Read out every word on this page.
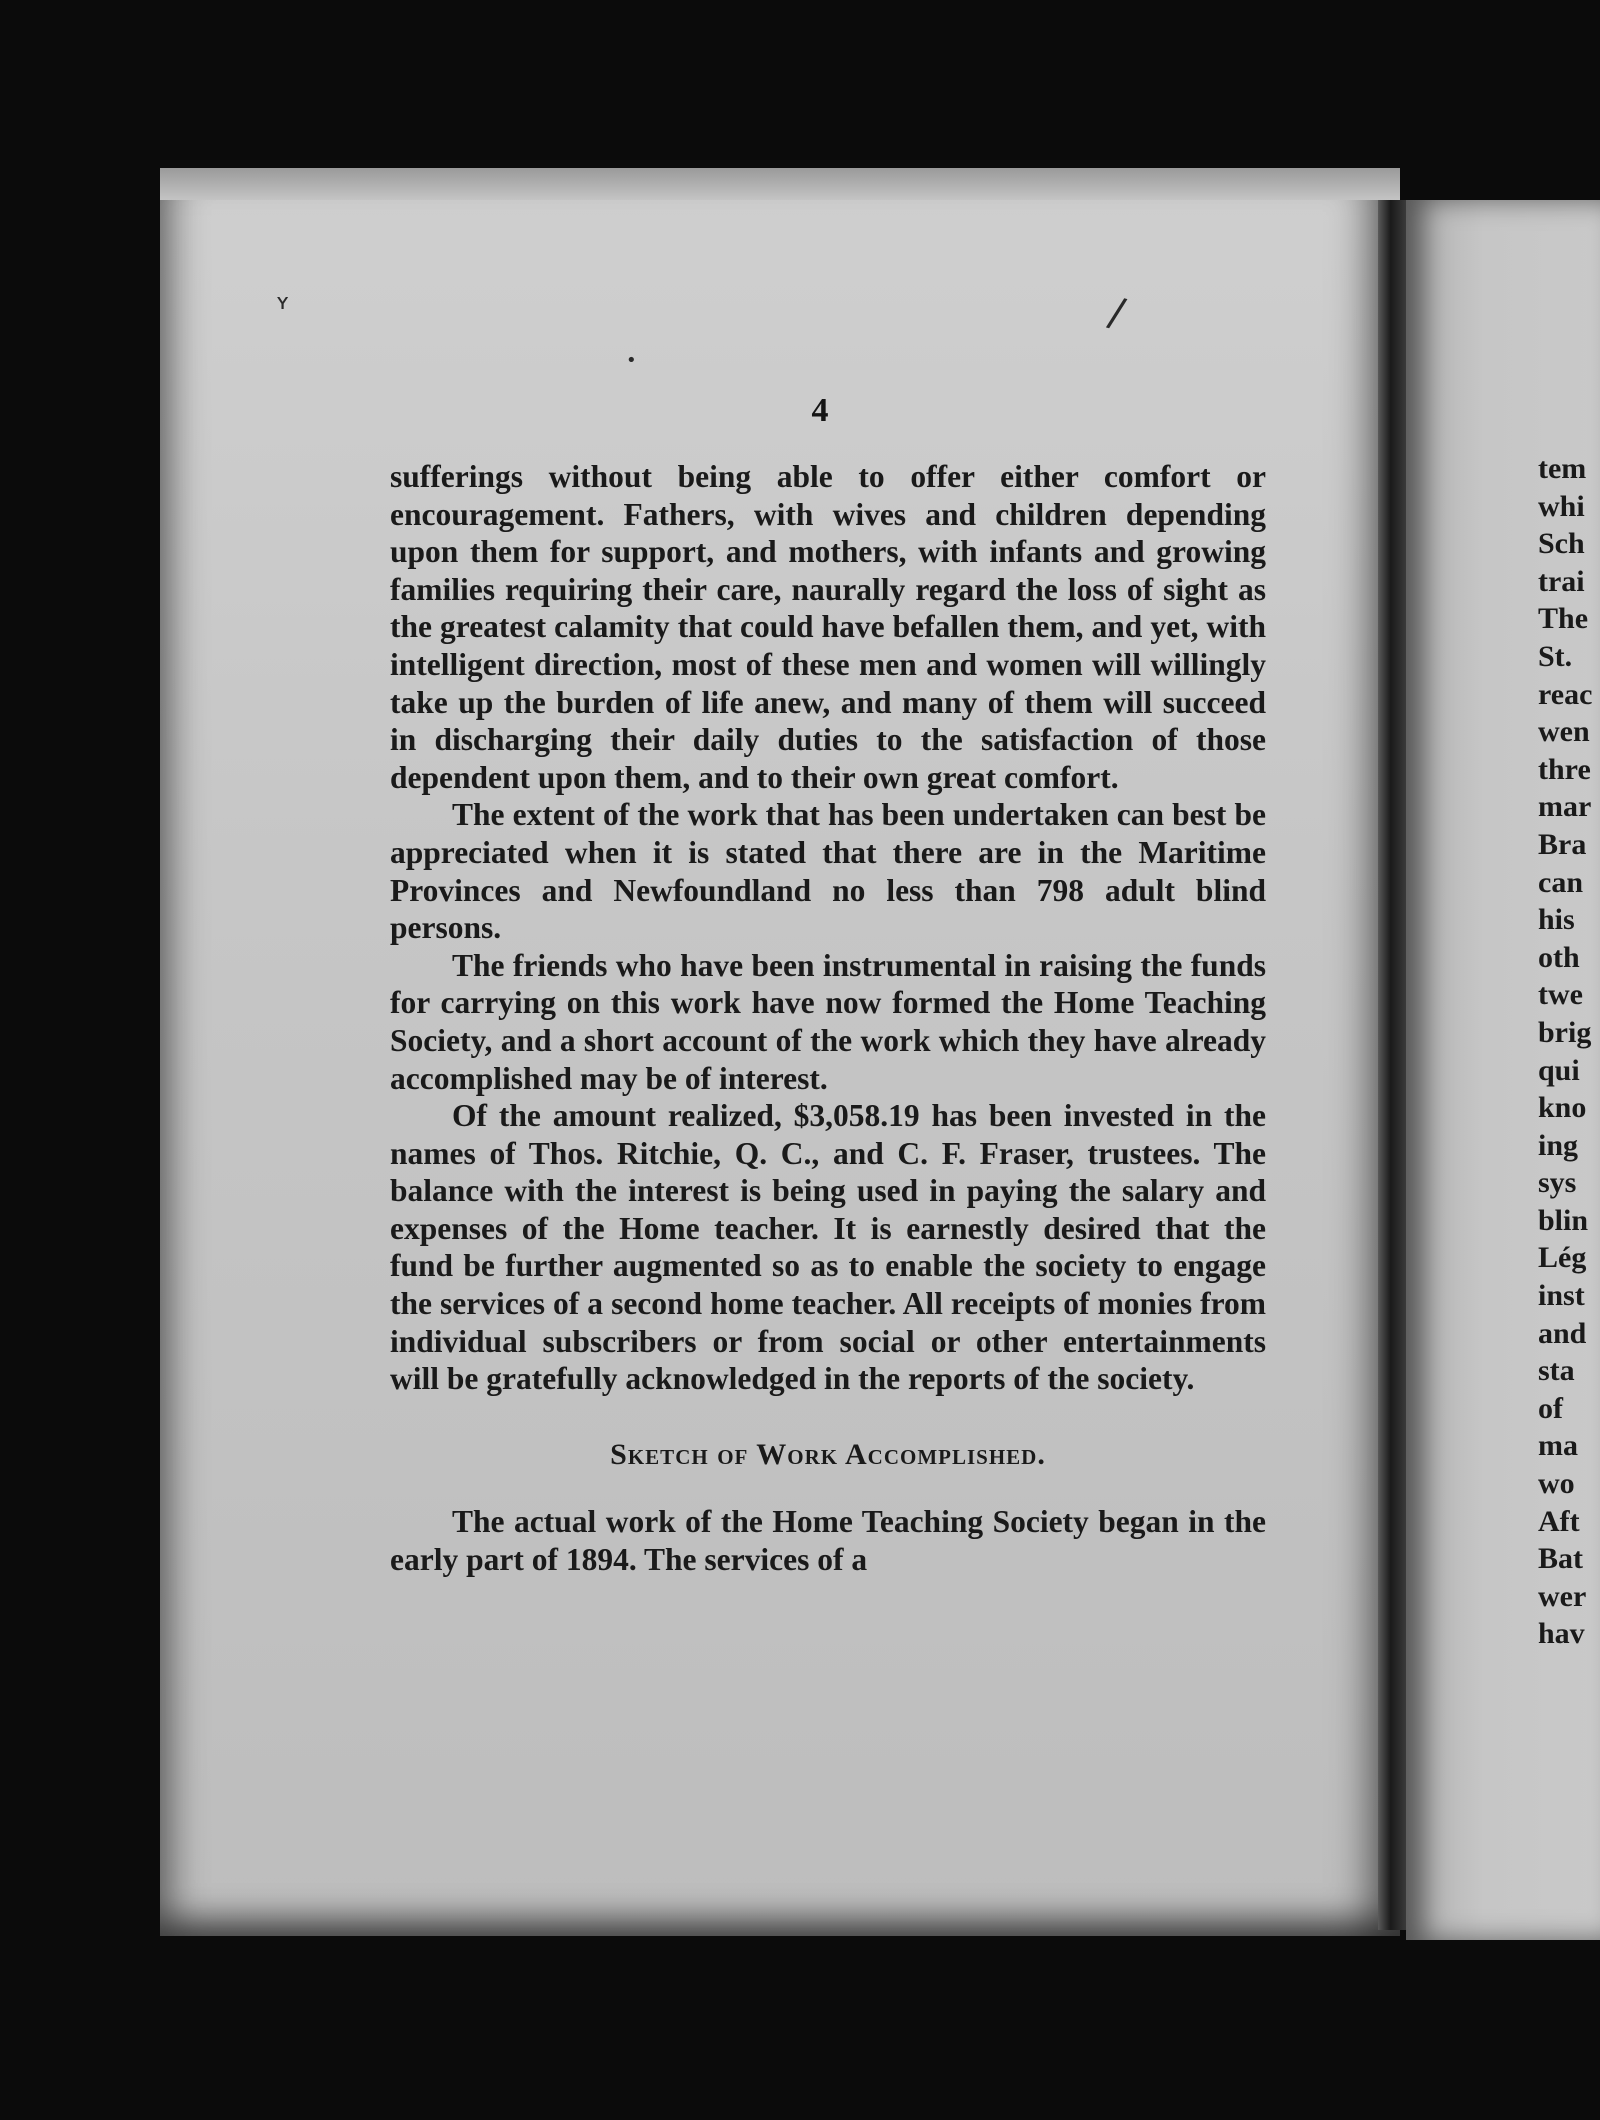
ʏ
•
/
4

sufferings without being able to offer either comfort or encouragement. Fathers, with wives and children depending upon them for support, and mothers, with infants and growing families requiring their care, naurally regard the loss of sight as the greatest calamity that could have befallen them, and yet, with intelligent direction, most of these men and women will willingly take up the burden of life anew, and many of them will succeed in discharging their daily duties to the satisfaction of those dependent upon them, and to their own great comfort.

The extent of the work that has been undertaken can best be appreciated when it is stated that there are in the Maritime Provinces and Newfoundland no less than 798 adult blind persons.

The friends who have been instrumental in raising the funds for carrying on this work have now formed the Home Teaching Society, and a short account of the work which they have already accomplished may be of interest.

Of the amount realized, $3,058.19 has been invested in the names of Thos. Ritchie, Q. C., and C. F. Fraser, trustees. The balance with the interest is being used in paying the salary and expenses of the Home teacher. It is earnestly desired that the fund be further augmented so as to enable the society to engage the services of a second home teacher. All receipts of monies from individual subscribers or from social or other entertainments will be gratefully acknowledged in the reports of the society.

Sketch of Work Accomplished.

The actual work of the Home Teaching Society began in the early part of 1894. The services of a

tem
whi
Sch
trai
The
St.
reac
wen
thre
mar
Bra
can
his
oth
twe
brig
qui
kno
ing
sys
blin
Lég
inst
and
sta
of
ma
wo
Aft
Bat
wer
hav
